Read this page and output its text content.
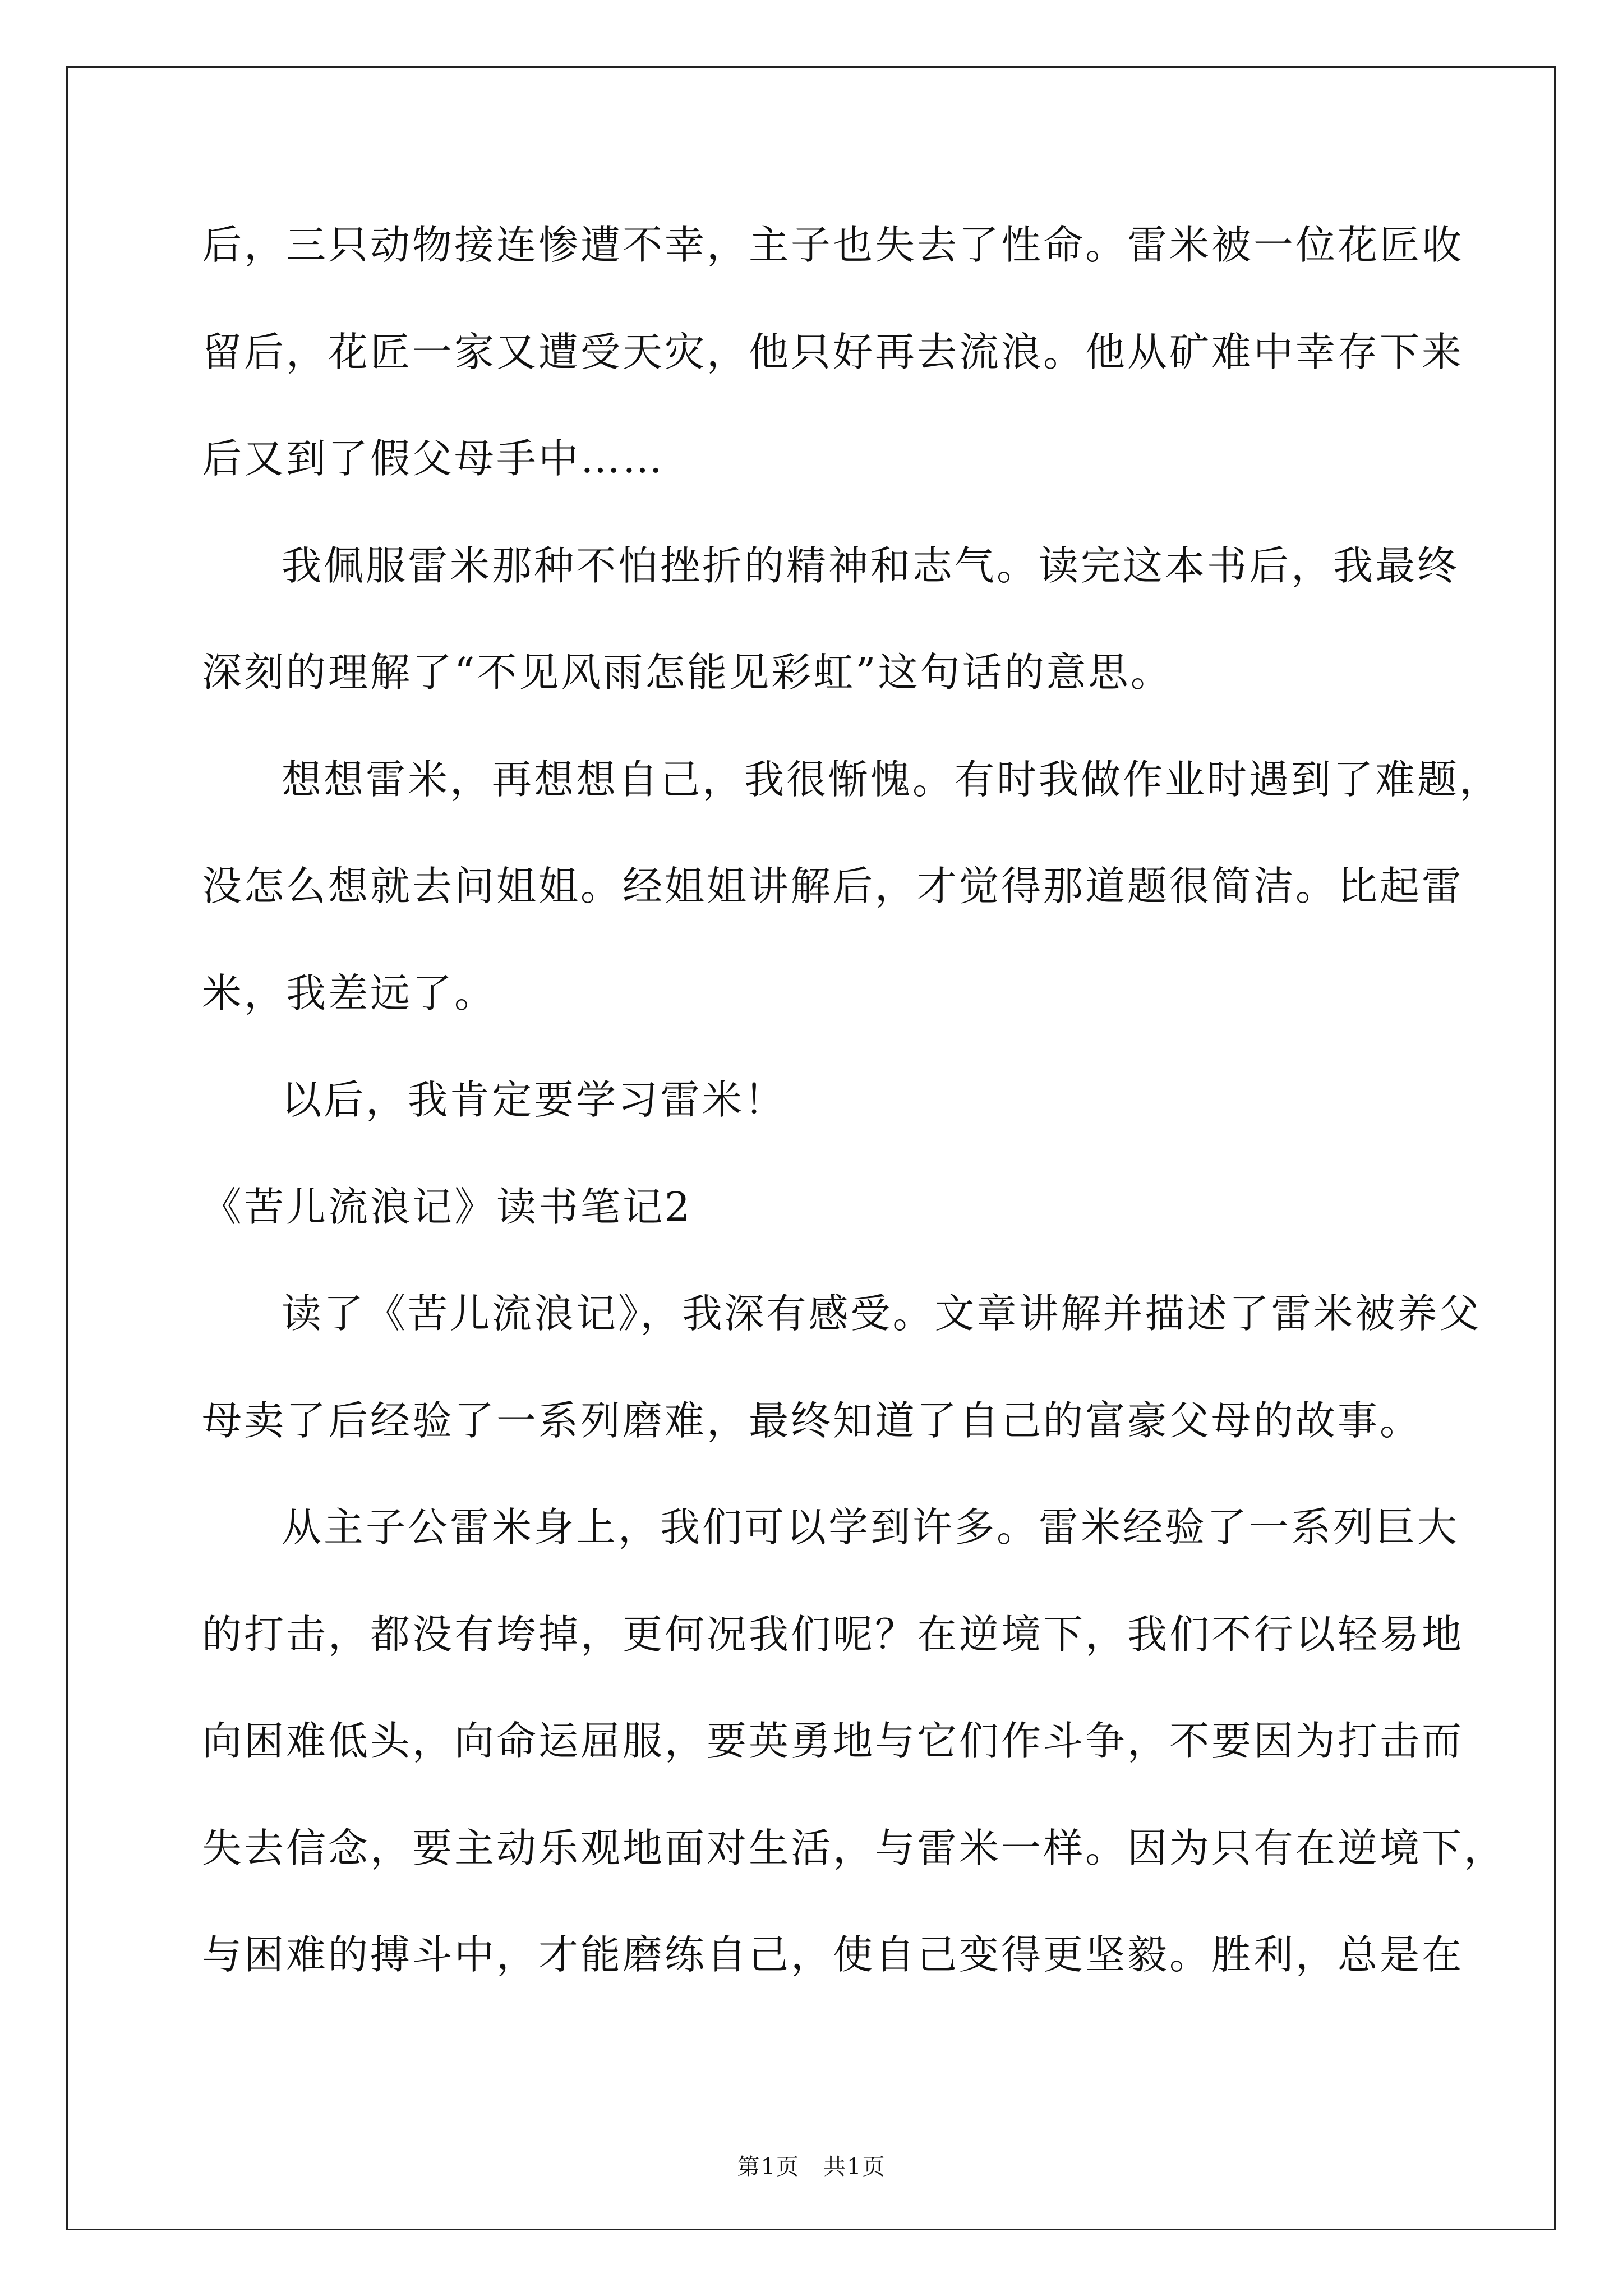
后，三只动物接连惨遭不幸，主子也失去了性命。雷米被一位花匠收
留后，花匠一家又遭受天灾，他只好再去流浪。他从矿难中幸存下来
后又到了假父母手中……
我佩服雷米那种不怕挫折的精神和志气。读完这本书后，我最终
深刻的理解了“不见风雨怎能见彩虹”这句话的意思。
想想雷米，再想想自己，我很惭愧。有时我做作业时遇到了难题，
没怎么想就去问姐姐。经姐姐讲解后，才觉得那道题很简洁。比起雷
米，我差远了。
以后，我肯定要学习雷米！
《苦儿流浪记》读书笔记2
读了《苦儿流浪记》，我深有感受。文章讲解并描述了雷米被养父
母卖了后经验了一系列磨难，最终知道了自己的富豪父母的故事。
从主子公雷米身上，我们可以学到许多。雷米经验了一系列巨大
的打击，都没有垮掉，更何况我们呢？在逆境下，我们不行以轻易地
向困难低头，向命运屈服，要英勇地与它们作斗争，不要因为打击而
失去信念，要主动乐观地面对生活，与雷米一样。因为只有在逆境下，
与困难的搏斗中，才能磨练自己，使自己变得更坚毅。胜利，总是在
第1页　共1页
